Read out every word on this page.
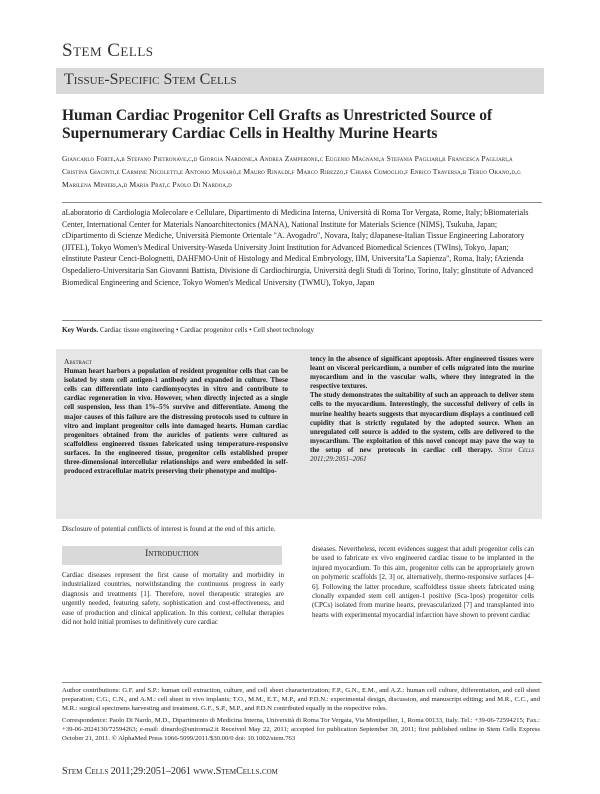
Stem Cells
Tissue-Specific Stem Cells
Human Cardiac Progenitor Cell Grafts as Unrestricted Source of Supernumerary Cardiac Cells in Healthy Murine Hearts

Giancarlo Forte,a,b Stefano Pietronave,c,d Giorgia Nardone,a Andrea Zamperone,c Eugenio Magnani,a Stefania Pagliari,b Francesca Pagliari,a Cristina Giacinti,e Carmine Nicoletti,e Antonio Musarò,e Mauro Rinaldi,f Marco Ribezzo,f Chiara Comoglio,f Enrico Traversa,b Teruo Okano,d,g Marilena Minieri,a,d Maria Prat,c Paolo Di Nardoa,d

aLaboratorio di Cardiologia Molecolare e Cellulare, Dipartimento di Medicina Interna, Università di Roma Tor Vergata, Rome, Italy; bBiomaterials Center, International Center for Materials Nanoarchitectonics (MANA), National Institute for Materials Science (NIMS), Tsukuba, Japan; cDipartimento di Scienze Mediche, Università Piemonte Orientale "A. Avogadro", Novara, Italy; dJapanese-Italian Tissue Engineering Laboratory (JITEL), Tokyo Women's Medical University-Waseda University Joint Institution for Advanced Biomedical Sciences (TWIns), Tokyo, Japan; eInstitute Pasteur Cenci-Bolognetti, DAHFMO-Unit of Histology and Medical Embryology, IIM, Universita''La Sapienza", Roma, Italy; fAzienda Ospedaliero-Universitaria San Giovanni Battista, Divisione di Cardiochirurgia, Università degli Studi di Torino, Torino, Italy; gInstitute of Advanced Biomedical Engineering and Science, Tokyo Women's Medical University (TWMU), Tokyo, Japan

Key Words. Cardiac tissue engineering • Cardiac progenitor cells • Cell sheet technology

Abstract
Human heart harbors a population of resident progenitor cells that can be isolated by stem cell antigen-1 antibody and expanded in culture. These cells can differentiate into cardiomyocytes in vitro and contribute to cardiac regeneration in vivo. However, when directly injected as a single cell suspension, less than 1%–5% survive and differentiate. Among the major causes of this failure are the distressing protocols used to culture in vitro and implant progenitor cells into damaged hearts. Human cardiac progenitors obtained from the auricles of patients were cultured as scaffoldless engineered tissues fabricated using temperature-responsive surfaces. In the engineered tissue, progenitor cells established proper three-dimensional intercellular relationships and were embedded in self-produced extracellular matrix preserving their phenotype and multipo-

tency in the absence of significant apoptosis. After engineered tissues were leant on visceral pericardium, a number of cells migrated into the murine myocardium and in the vascular walls, where they integrated in the respective textures.
The study demonstrates the suitability of such an approach to deliver stem cells to the myocardium. Interestingly, the successful delivery of cells in murine healthy hearts suggests that myocardium displays a continued cell cupidity that is strictly regulated by the adopted source. When an unregulated cell source is added to the system, cells are delivered to the myocardium. The exploitation of this novel concept may pave the way to the setup of new protocols in cardiac cell therapy. Stem Cells 2011;29:2051–2061

Disclosure of potential conflicts of interest is found at the end of this article.

Introduction

Cardiac diseases represent the first cause of mortality and morbidity in industrialized countries, notwithstanding the continuous progress in early diagnosis and treatments [1]. Therefore, novel therapeutic strategies are urgently needed, featuring safety, sophistication and cost-effectiveness, and ease of production and clinical application. In this context, cellular therapies did not hold initial promises to definitively cure cardiac

diseases. Nevertheless, recent evidences suggest that adult progenitor cells can be used to fabricate ex vivo engineered cardiac tissue to be implanted in the injured myocardium. To this aim, progenitor cells can be appropriately grown on polymeric scaffolds [2, 3] or, alternatively, thermo-responsive surfaces [4–6]. Following the latter procedure, scaffoldless tissue sheets fabricated using clonally expanded stem cell antigen-1 positive (Sca-1pos) progenitor cells (CPCs) isolated from murine hearts, prevascularized [7] and transplanted into hearts with experimental myocardial infarction have shown to prevent cardiac

Author contributions: G.F. and S.P.: human cell extraction, culture, and cell sheet characterization; F.P., G.N., E.M., and A.Z.: human cell culture, differentiation, and cell sheet preparation; C.G., C.N., and A.M.: cell sheet in vivo implants; T.O., M.M., E.T., M.P., and P.D.N.: experimental design, discussion, and manuscript editing; and M.R., C.C., and M.R.: surgical specimens harvesting and treatment. G.F., S.P., M.P., and P.D.N contributed equally in the respective roles.

Correspondence: Paolo Di Nardo, M.D., Dipartimento di Medicina Interna, Università di Roma Tor Vergata, Via Montpellier, 1, Roma 00133, Italy. Tel.: +39-06-72594215; Fax.: +39-06-2024130/72594263; e-mail: dinardo@uniroma2.it Received May 22, 2011; accepted for publication September 30, 2011; first published online in Stem Cells Express October 21, 2011. © AlphaMed Press 1066-5099/2011/$30.00/0 doi: 10.1002/stem.763

Stem Cells 2011;29:2051–2061 www.StemCells.com
